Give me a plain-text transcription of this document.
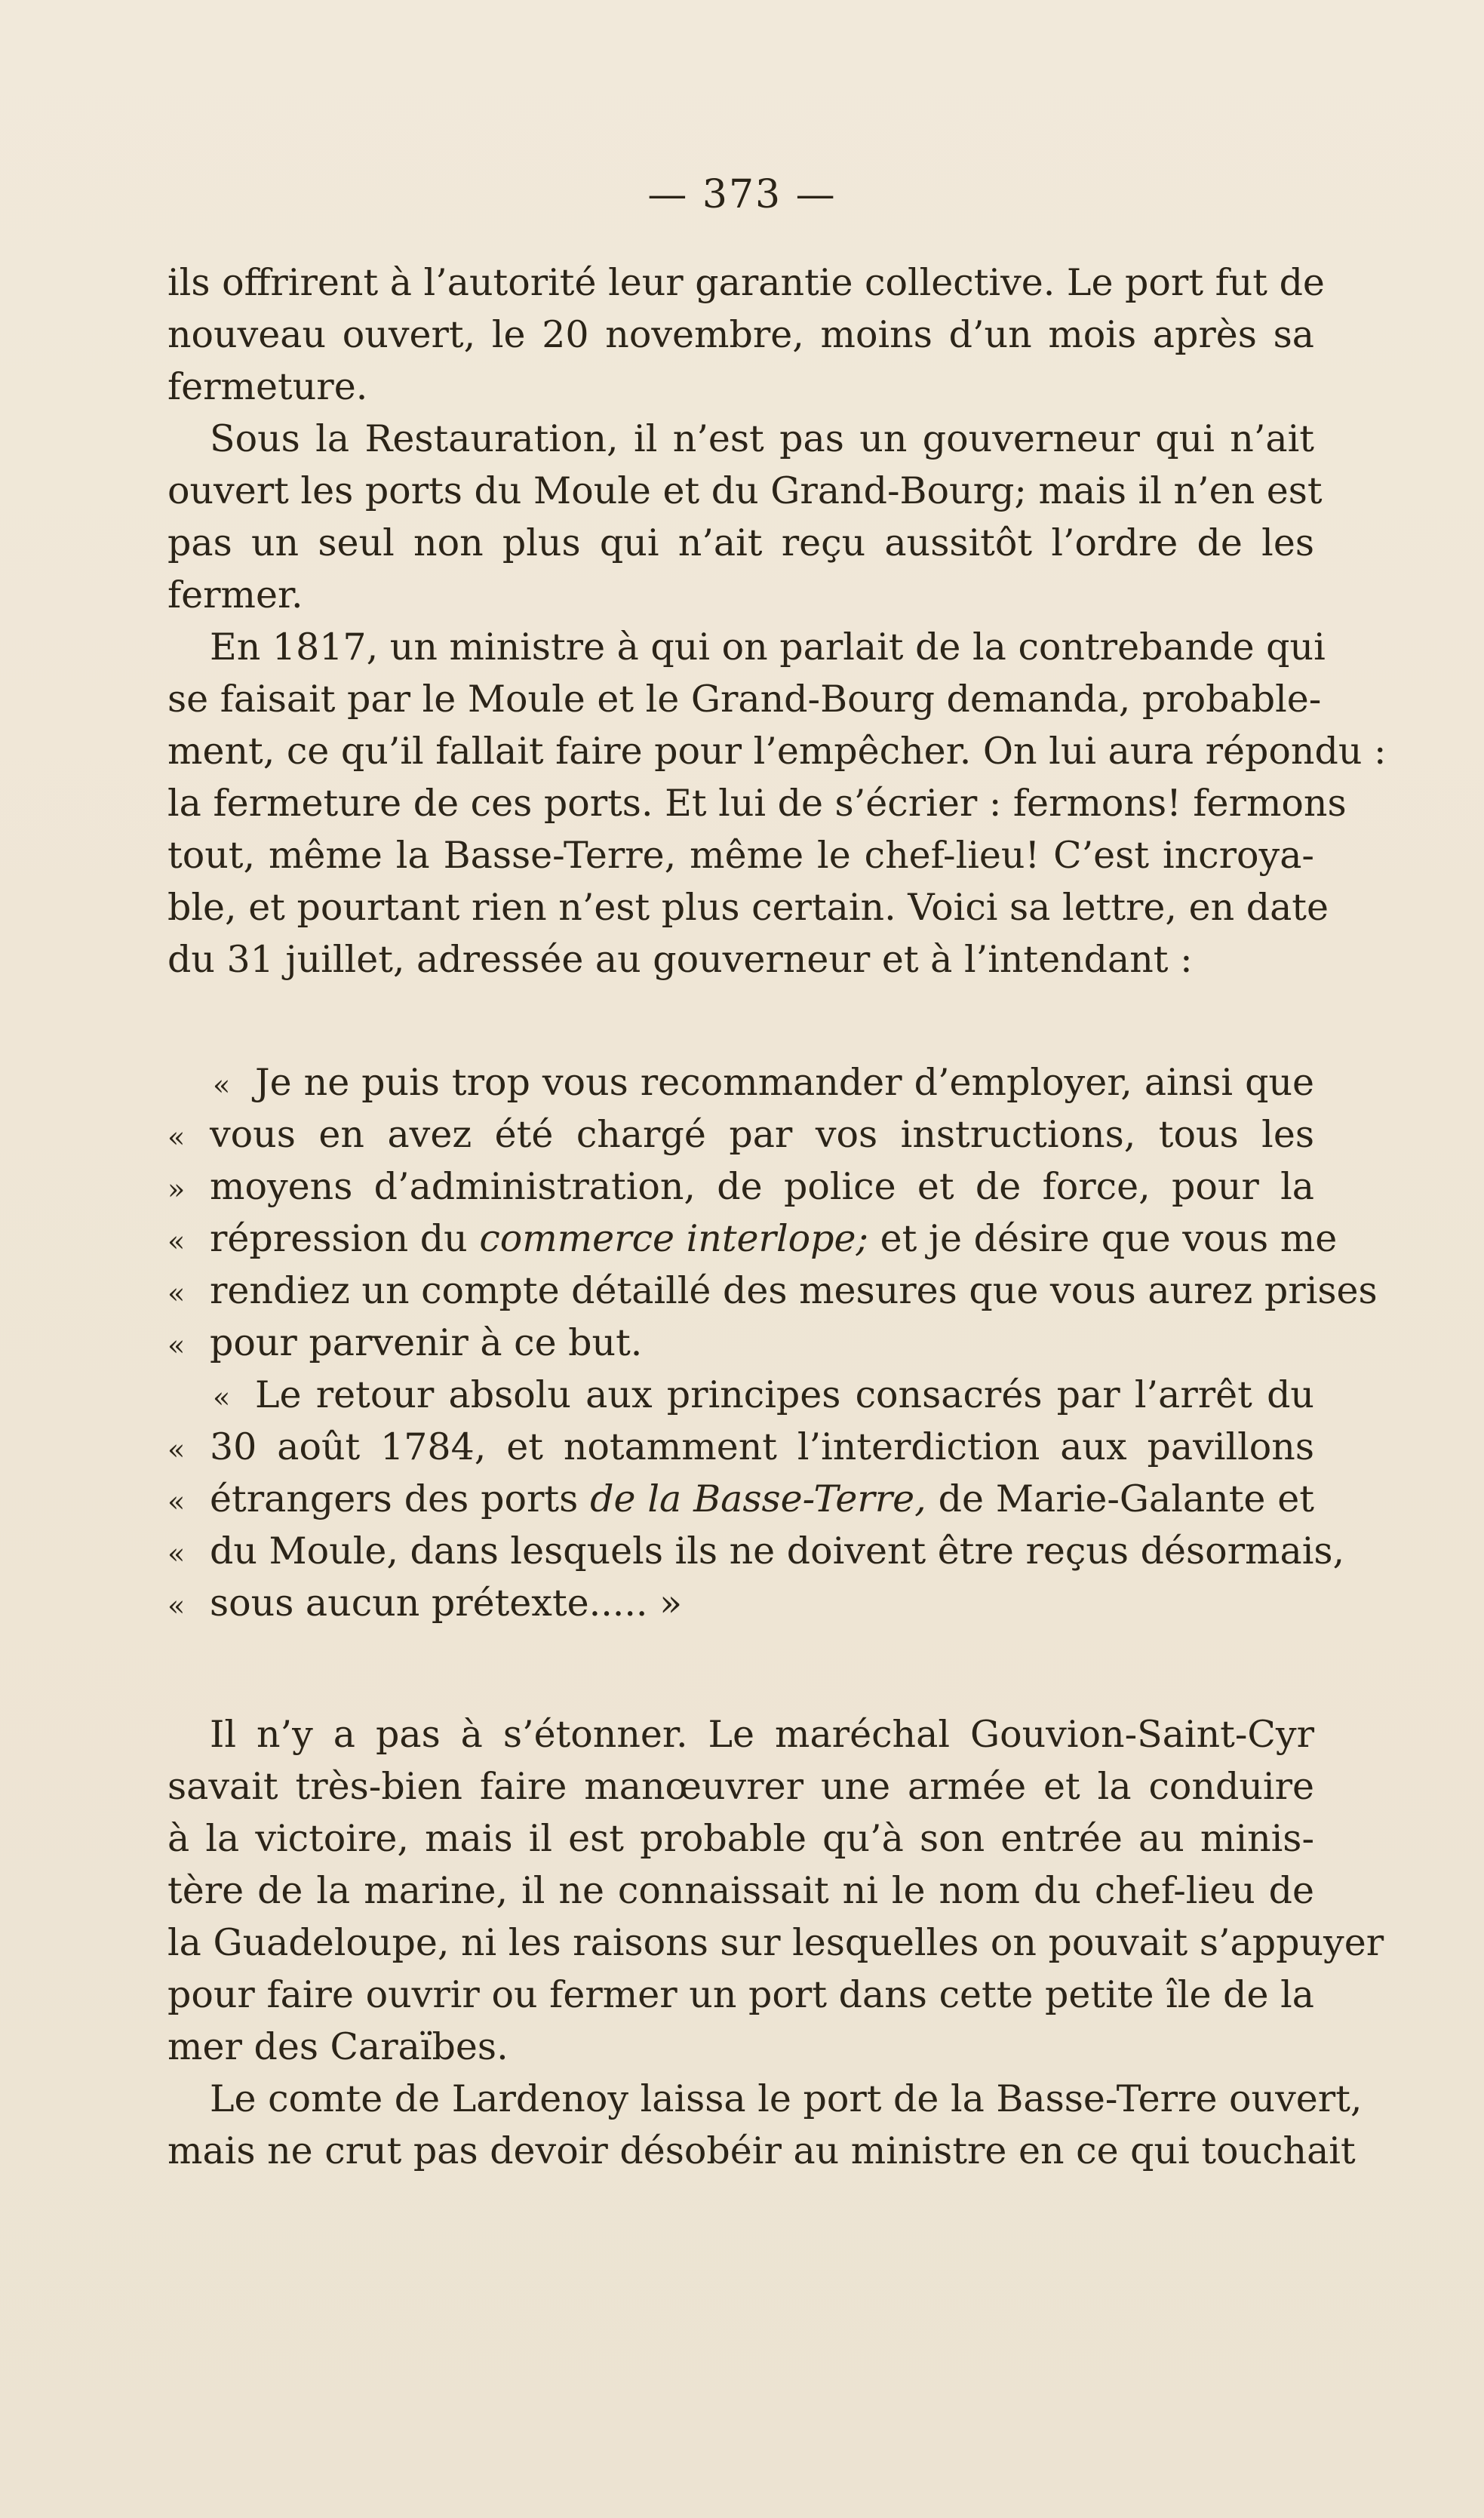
— 373 —
ils offrirent à l’autorité leur garantie collective. Le port fut de
nouveau ouvert, le 20 novembre, moins d’un mois après sa
fermeture.
Sous la Restauration, il n’est pas un gouverneur qui n’ait
ouvert les ports du Moule et du Grand-Bourg; mais il n’en est
pas un seul non plus qui n’ait reçu aussitôt l’ordre de les
fermer.
En 1817, un ministre à qui on parlait de la contrebande qui
se faisait par le Moule et le Grand-Bourg demanda, probable-
ment, ce qu’il fallait faire pour l’empêcher. On lui aura répondu :
la fermeture de ces ports. Et lui de s’écrier : fermons! fermons
tout, même la Basse-Terre, même le chef-lieu! C’est incroya-
ble, et pourtant rien n’est plus certain. Voici sa lettre, en date
du 31 juillet, adressée au gouverneur et à l’intendant :
« Je ne puis trop vous recommander d’employer, ainsi que
« vous en avez été chargé par vos instructions, tous les
» moyens d’administration, de police et de force, pour la
« répression du commerce interlope; et je désire que vous me
« rendiez un compte détaillé des mesures que vous aurez prises
« pour parvenir à ce but.
« Le retour absolu aux principes consacrés par l’arrêt du
« 30 août 1784, et notamment l’interdiction aux pavillons
« étrangers des ports de la Basse-Terre, de Marie-Galante et
« du Moule, dans lesquels ils ne doivent être reçus désormais,
« sous aucun prétexte..... »
Il n’y a pas à s’étonner. Le maréchal Gouvion-Saint-Cyr
savait très-bien faire manœuvrer une armée et la conduire
à la victoire, mais il est probable qu’à son entrée au minis-
tère de la marine, il ne connaissait ni le nom du chef-lieu de
la Guadeloupe, ni les raisons sur lesquelles on pouvait s’appuyer
pour faire ouvrir ou fermer un port dans cette petite île de la
mer des Caraïbes.
Le comte de Lardenoy laissa le port de la Basse-Terre ouvert,
mais ne crut pas devoir désobéir au ministre en ce qui touchait
